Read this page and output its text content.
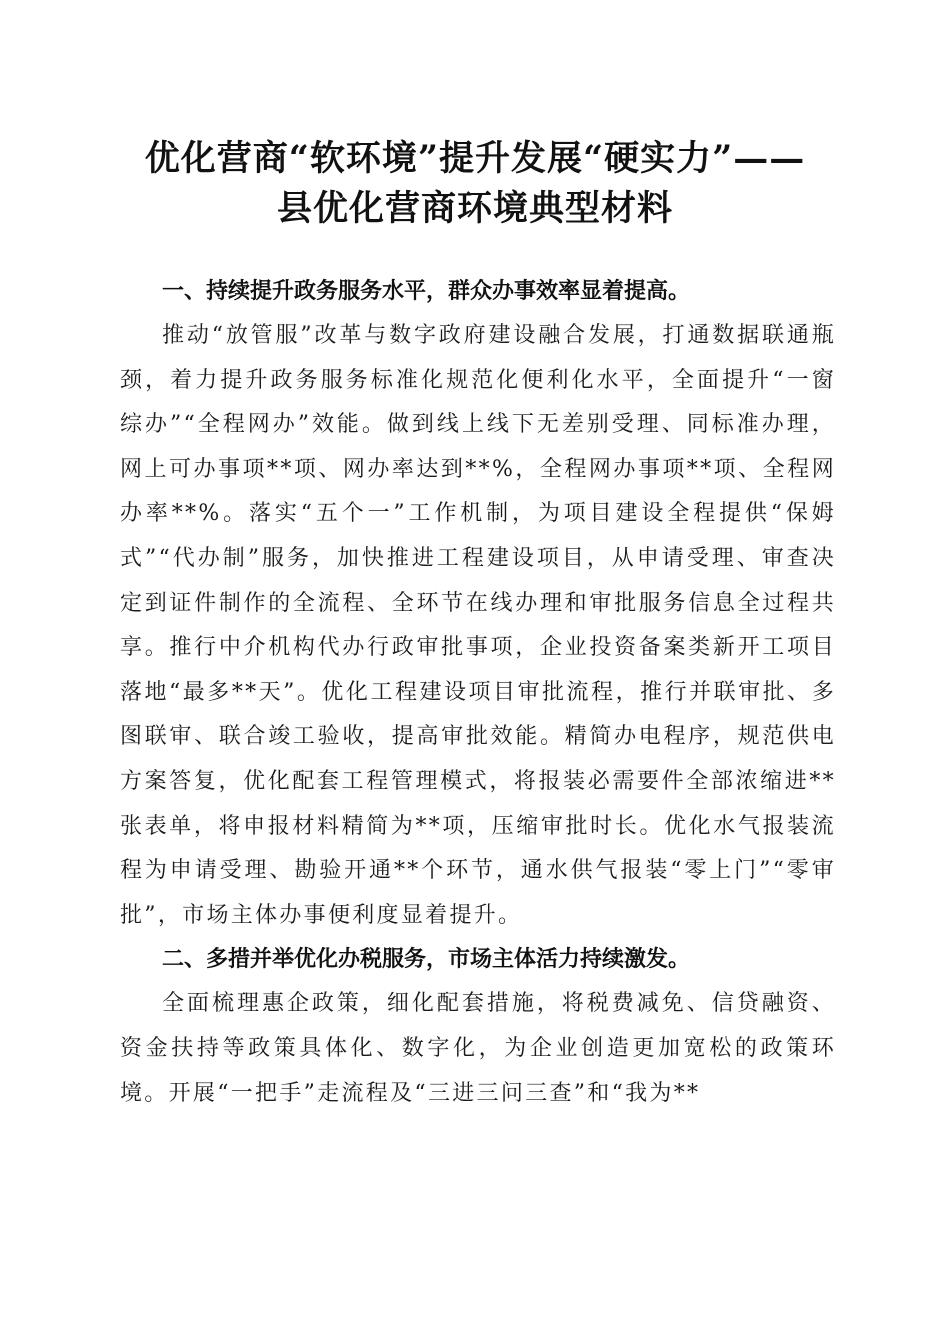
优化营商“软环境”提升发展“硬实力”——
县优化营商环境典型材料

一、持续提升政务服务水平，群众办事效率显着提高。

推动“放管服”改革与数字政府建设融合发展，打通数据联通瓶颈，着力提升政务服务标准化规范化便利化水平，全面提升“一窗综办”“全程网办”效能。做到线上线下无差别受理、同标准办理，网上可办事项**项、网办率达到**%，全程网办事项**项、全程网办率**%。落实“五个一”工作机制，为项目建设全程提供“保姆式”“代办制”服务，加快推进工程建设项目，从申请受理、审查决定到证件制作的全流程、全环节在线办理和审批服务信息全过程共享。推行中介机构代办行政审批事项，企业投资备案类新开工项目落地“最多**天”。优化工程建设项目审批流程，推行并联审批、多图联审、联合竣工验收，提高审批效能。精简办电程序，规范供电方案答复，优化配套工程管理模式，将报装必需要件全部浓缩进**张表单，将申报材料精简为**项，压缩审批时长。优化水气报装流程为申请受理、勘验开通**个环节，通水供气报装“零上门”“零审批”，市场主体办事便利度显着提升。

二、多措并举优化办税服务，市场主体活力持续激发。

全面梳理惠企政策，细化配套措施，将税费减免、信贷融资、资金扶持等政策具体化、数字化，为企业创造更加宽松的政策环境。开展“一把手”走流程及“三进三问三查”和“我为**
